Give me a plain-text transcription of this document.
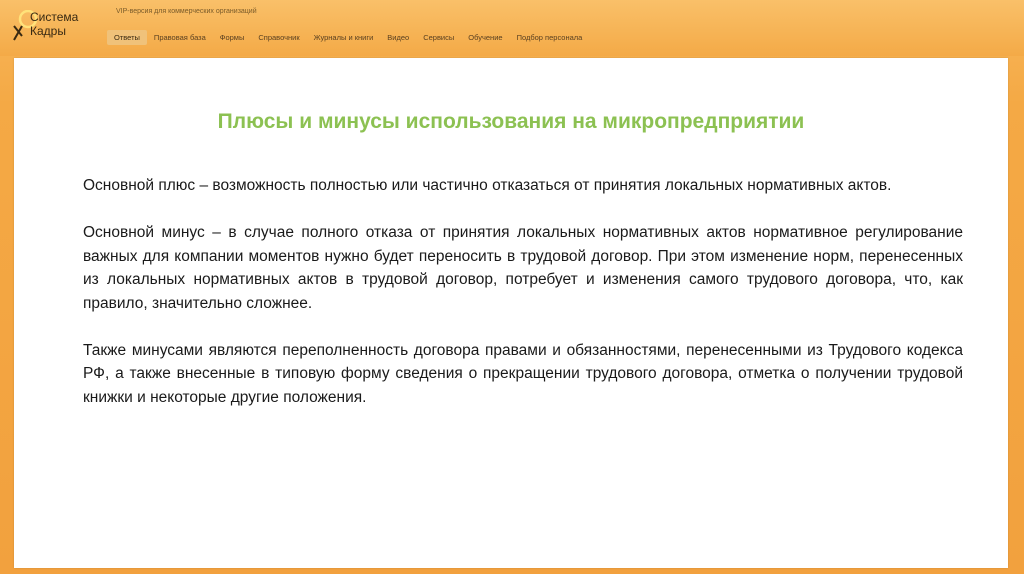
Система
Кадры
VIP-версия для коммерческих организаций
Ответы	Правовая база	Формы	Справочник	Журналы и книги	Видео	Сервисы	Обучение	Подбор персонала
Плюсы и минусы использования на микропредприятии

Основной плюс – возможность полностью или частично отказаться от принятия локальных нормативных актов.

Основной минус – в случае полного отказа от принятия локальных нормативных актов нормативное регулирование важных для компании моментов нужно будет переносить в трудовой договор. При этом изменение норм, перенесенных из локальных нормативных актов в трудовой договор, потребует и изменения самого трудового договора, что, как правило, значительно сложнее.

Также минусами являются переполненность договора правами и обязанностями, перенесенными из Трудового кодекса РФ, а также внесенные в типовую форму сведения о прекращении трудового договора, отметка о получении трудовой книжки и некоторые другие положения.
